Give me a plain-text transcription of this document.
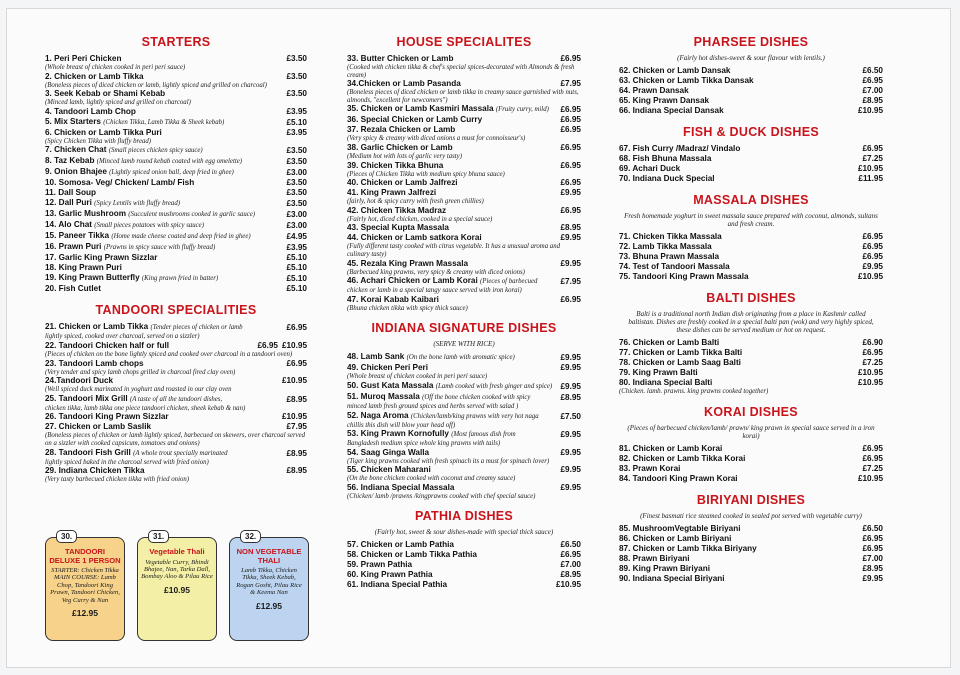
STARTERS
1. Peri Peri Chicken	£3.50
(Whole breast of chicken cooked in peri peri sauce)
2. Chicken or Lamb Tikka	£3.50
(Boneless pieces of diced chicken or lamb, lightly spiced and grilled on charcoal)
3. Seek Kebab or Shami Kebab	£3.50
(Minced lamb, lightly spiced and grilled on charcoal)
4. Tandoori Lamb Chop	£3.95
5. Mix Starters (Chicken Tikka, Lamb Tikka & Sheek kebab)	£5.10
6. Chicken or Lamb Tikka Puri	£3.95
(Spicy Chicken Tikka with fluffy bread)
7. Chicken Chat (Small pieces chicken spicy sauce)	£3.50
8. Taz Kebab (Minced lamb round kebab coated with egg omelette)	£3.50
9. Onion Bhajee (Lightly spiced onion ball, deep fried in ghee)	£3.00
10. Somosa- Veg/ Chicken/ Lamb/ Fish	£3.50
11. Dall Soup	£3.50
12. Dall Puri (Spicy Lentils with fluffy bread)	£3.50
13. Garlic Mushroom (Succulent mushrooms cooked in garlic sauce)	£3.00
14. Alo Chat (Small pieces potatoes with spicy sauce)	£3.00
15. Paneer Tikka (Home made cheese coated and deep fried in ghee)	£4.95
16. Prawn Puri (Prawns in spicy sauce with fluffy bread)	£3.95
17. Garlic King Prawn Sizzlar	£5.10
18. King Prawn Puri	£5.10
19. King Prawn Butterfly (King prawn fried in batter)	£5.10
20. Fish Cutlet	£5.10
TANDOORI SPECIALITIES
21. Chicken or Lamb Tikka (Tender pieces of chicken or lamb	£6.95
lightly spiced, cooked over charcoal, served on a sizzler)
22. Tandoori Chicken half or full	£6.95 £10.95
(Pieces of chicken on the bone lightly spiced and cooked over charcoal in a tandoori oven)
23. Tandoori Lamb chops	£6.95
(Very tender and spicy lamb chops grilled in charcoal fired clay oven)
24.Tandoori Duck	£10.95
(Well spiced duck marinated in yoghurt and roasted in our clay oven
25. Tandoori Mix Grill (A taste of all the tandoori dishes,	£8.95
chicken tikka, lamb tikka one piece tandoori chicken, sheek kebab & nan)
26. Tandoori King Prawn Sizzlar	£10.95
27. Chicken or Lamb Saslik	£7.95
(Boneless pieces of chicken or lamb lightly spiced, barbecued on skewers, over charcoal served on a sizzler with cooked capsicum, tomatoes and onions)
28. Tandoori Fish Grill (A whole trout specially marinated	£8.95
lightly spiced baked in the charcoal served with fried onion)
29. Indiana Chicken Tikka	£8.95
(Very tasty barbecued chicken tikka with fried onion)
30.
TANDOORI DELUXE 1 PERSON
STARTER: Chicken Tikka MAIN COURSE: Lamb Chop, Tandoori King Prawn, Tandoori Chicken, Veg Curry & Nan
£12.95
31.
Vegetable Thali
Vegetable Curry, Bhindi Bhajee, Nan, Tarka Dall, Bombay Aloo & Pilau Rice
£10.95
32.
NON VEGETABLE THALI
Lamb Tikka, Chicken Tikka, Sheek Kebab, Rogan Gosht, Pilau Rice & Keema Nan
£12.95
HOUSE SPECIALITES
33. Butter Chicken or Lamb	£6.95
(Cooked with chicken tikka & chef's special spices-decorated with Almonds & fresh cream)
34.Chicken or Lamb Pasanda	£7.95
(Boneless pieces of diced chicken or lamb tikka in creamy sauce garnished with nuts, almonds, "excellent for newcomers")
35. Chicken or Lamb Kasmiri Massala (Fruity curry, mild)	£6.95
36. Special Chicken or Lamb Curry	£6.95
37. Rezala Chicken or Lamb	£6.95
(Very spicy & creamy with diced onions a must for connoisseur's)
38. Garlic Chicken or Lamb	£6.95
(Medium hot with lots of garlic very tasty)
39. Chicken Tikka Bhuna	£6.95
(Pieces of Chicken Tikka with medium spicy bhuna sauce)
40. Chicken or Lamb Jalfrezi	£6.95
41. King Prawn Jalfrezi	£9.95
(fairly, hot & spicy curry with fresh green chillies)
42. Chicken Tikka Madraz	£6.95
(Fairly hot, diced chicken, cooked in a special sauce)
43. Special Kupta Massala	£8.95
44. Chicken or Lamb satkora Korai	£9.95
(Fully different tasty cooked with citrus vegetable. It has a unusual aroma and culinary tasty)
45. Rezala King Prawn Massala	£9.95
(Barbecued king prawns, very spicy & creamy with diced onions)
46. Achari Chicken or Lamb Korai (Pieces of barbecued	£7.95
chicken or lamb in a special tangy sauce served with iron korai)
47. Korai Kabab Kaibari	£6.95
(Bhuna chicken tikka with spicy thick sauce)
INDIANA SIGNATURE DISHES
(SERVE WITH RICE)
48. Lamb Sank (On the bone lamb with aromatic spice)	£9.95
49. Chicken Peri Peri	£9.95
(Whole breast of chicken cooked in peri peri sauce)
50. Gust Kata Massala (Lamb cooked with fresh ginger and spice)	£9.95
51. Muroq Massala (Off the bone chicken cooked with spicy	£8.95
minced lamb fresh ground spices and herbs served with salad )
52. Naga Aroma (Chicken/lamb/king prawns with very hot naga	£7.50
chillis this dish will blow your head off)
53. King Prawn Kornofully (Most famous dish from	£9.95
Bangladesh medium spice whole king prawns with tails)
54. Saag Ginga Walla	£9.95
(Tiger king prawns cooked with fresh spinach its a must for spinach lover)
55. Chicken Maharani	£9.95
(On the bone chicken cooked with coconut and creamy sauce)
56. Indiana Special Massala	£9.95
(Chicken/ lamb /prawns /kingprawns cooked with chef special sauce)
PATHIA DISHES
(Fairly hot, sweet & sour dishes-made with special thick sauce)
57. Chicken or Lamb Pathia	£6.50
58. Chicken or Lamb Tikka Pathia	£6.95
59. Prawn Pathia	£7.00
60. King Prawn Pathia	£8.95
61. Indiana Special Pathia	£10.95
PHARSEE DISHES
(Fairly hot dishes-sweet & sour flavour with lentils.)
62. Chicken or Lamb Dansak	£6.50
63. Chicken or Lamb Tikka Dansak	£6.95
64. Prawn Dansak	£7.00
65. King Prawn Dansak	£8.95
66. Indiana Special Dansak	£10.95
FISH & DUCK DISHES
67. Fish Curry /Madraz/ Vindalo	£6.95
68. Fish Bhuna Massala	£7.25
69. Achari Duck	£10.95
70. Indiana Duck Special	£11.95
MASSALA DISHES
Fresh homemade yoghurt in sweet massala sauce prepared with coconut, almonds, sultans and fresh cream.
71. Chicken Tikka Massala	£6.95
72. Lamb Tikka Massala	£6.95
73. Bhuna Prawn Massala	£6.95
74. Test of Tandoori Massala	£9.95
75. Tandoori King Prawn Massala	£10.95
BALTI DISHES
Balti is a traditional north Indian dish originating from a place in Kashmir called baltistan. Dishes are freshly cooked in a special balti pan (wok) and very highly spiced, these dishes can be served medium or hot on request.
76. Chicken or Lamb Balti	£6.90
77. Chicken or Lamb Tikka Balti	£6.95
78. Chicken or Lamb Saag Balti	£7.25
79. King Prawn Balti	£10.95
80. Indiana Special Balti	£10.95
(Chicken. lamb. prawns. king prawns cooked together)
KORAI DISHES
(Pieces of barbecued chicken/lamb/ prawn/ king prawn in special sauce served in a iron korai)
81. Chicken or Lamb Korai	£6.95
82. Chicken or Lamb Tikka Korai	£6.95
83. Prawn Korai	£7.25
84. Tandoori King Prawn Korai	£10.95
BIRIYANI DISHES
(Finest basmati rice steamed cooked in sealed pot served with vegetable curry)
85. MushroomVegtable Biriyani	£6.50
86. Chicken or Lamb Biriyani	£6.95
87. Chicken or Lamb Tikka Biriyany	£6.95
88. Prawn Biriyani	£7.00
89. King Prawn Biriyani	£8.95
90. Indiana Special Biriyani	£9.95
